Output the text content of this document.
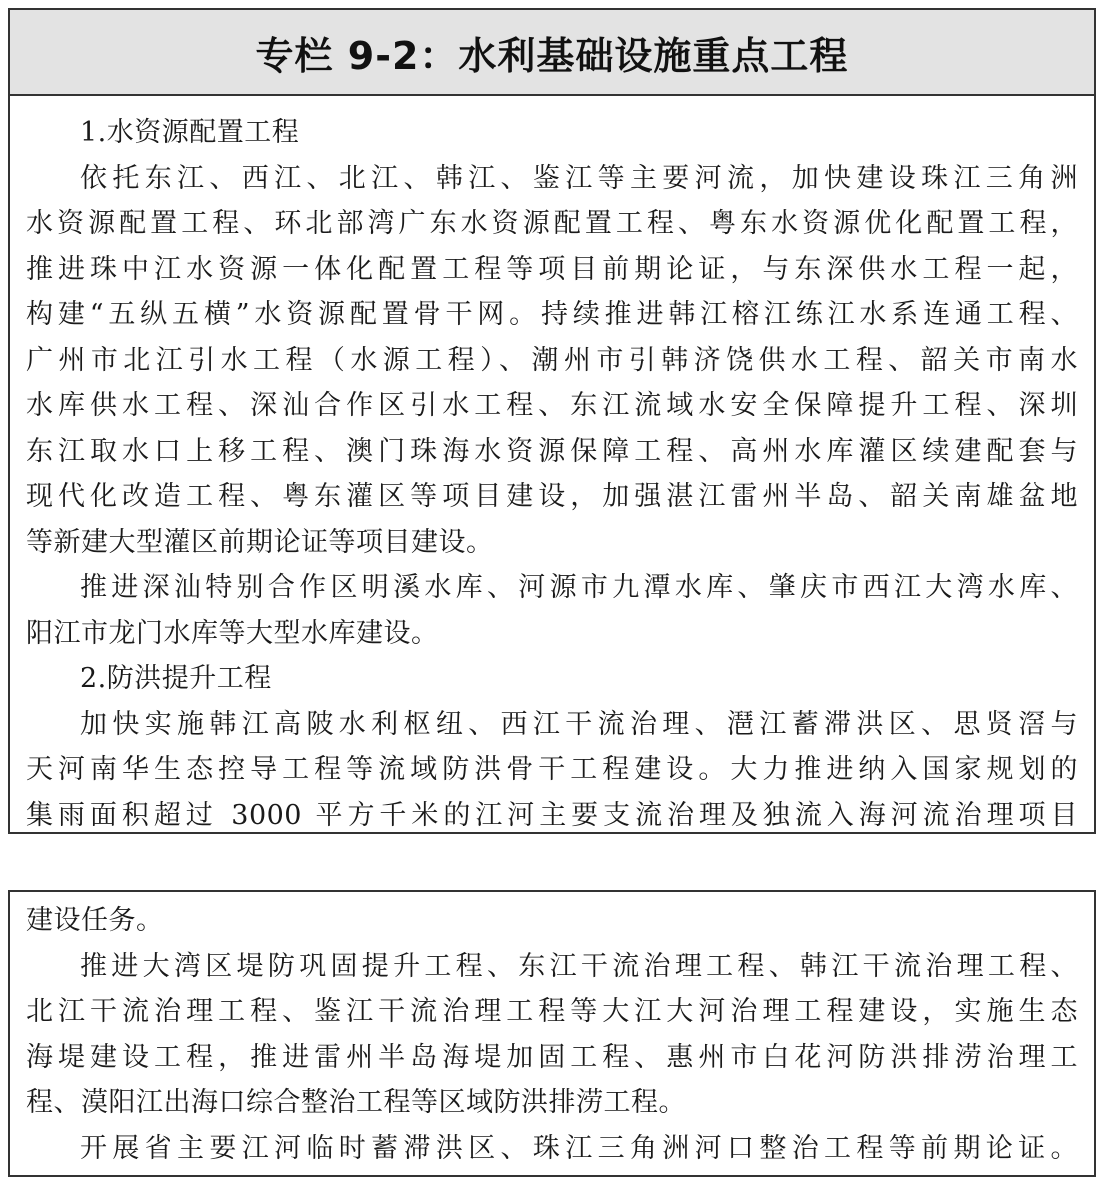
专栏 9-2：水利基础设施重点工程

1.水资源配置工程

依托东江、西江、北江、韩江、鉴江等主要河流，加快建设珠江三角洲
水资源配置工程、环北部湾广东水资源配置工程、粤东水资源优化配置工程，
推进珠中江水资源一体化配置工程等项目前期论证，与东深供水工程一起，
构建“五纵五横”水资源配置骨干网。持续推进韩江榕江练江水系连通工程、
广州市北江引水工程（水源工程）、潮州市引韩济饶供水工程、韶关市南水
水库供水工程、深汕合作区引水工程、东江流域水安全保障提升工程、深圳
东江取水口上移工程、澳门珠海水资源保障工程、高州水库灌区续建配套与
现代化改造工程、粤东灌区等项目建设，加强湛江雷州半岛、韶关南雄盆地
等新建大型灌区前期论证等项目建设。
推进深汕特别合作区明溪水库、河源市九潭水库、肇庆市西江大湾水库、
阳江市龙门水库等大型水库建设。

2.防洪提升工程

加快实施韩江高陂水利枢纽、西江干流治理、潖江蓄滞洪区、思贤滘与
天河南华生态控导工程等流域防洪骨干工程建设。大力推进纳入国家规划的
集雨面积超过 3000 平方千米的江河主要支流治理及独流入海河流治理项目
建设任务。
推进大湾区堤防巩固提升工程、东江干流治理工程、韩江干流治理工程、
北江干流治理工程、鉴江干流治理工程等大江大河治理工程建设，实施生态
海堤建设工程，推进雷州半岛海堤加固工程、惠州市白花河防洪排涝治理工
程、漠阳江出海口综合整治工程等区域防洪排涝工程。
开展省主要江河临时蓄滞洪区、珠江三角洲河口整治工程等前期论证。
